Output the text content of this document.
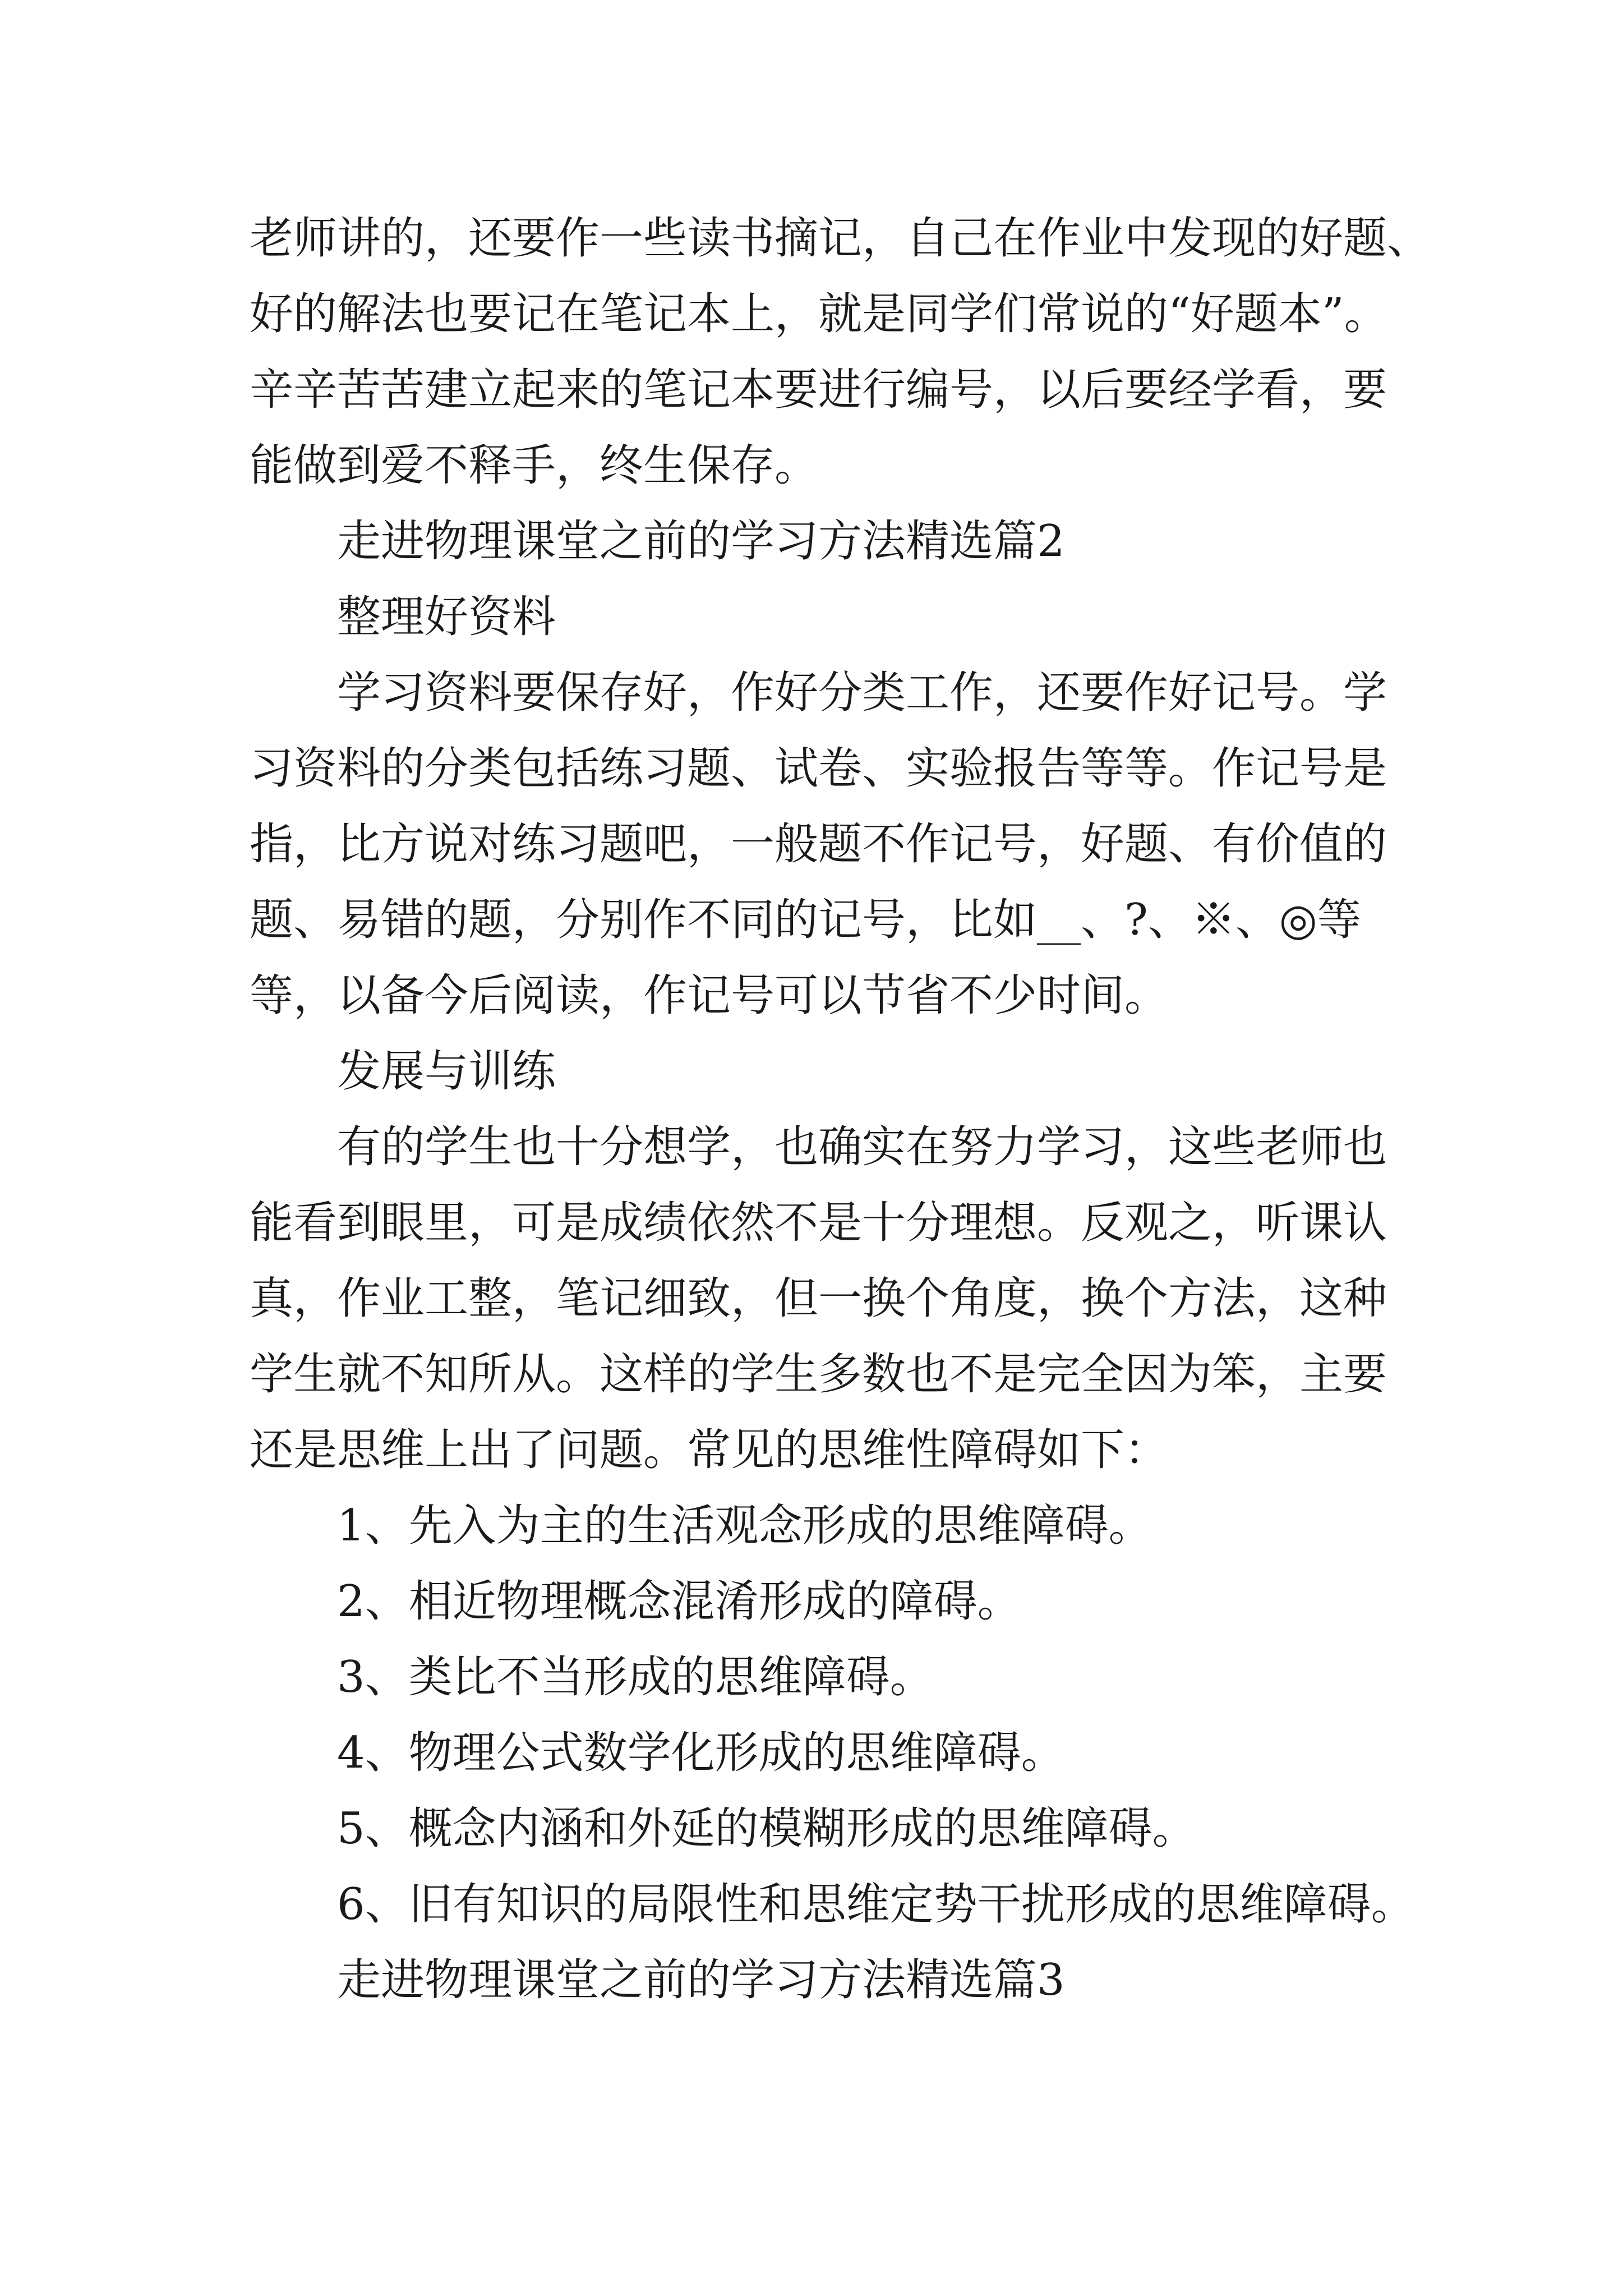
老师讲的，还要作一些读书摘记，自己在作业中发现的好题、
好的解法也要记在笔记本上，就是同学们常说的“好题本”。
辛辛苦苦建立起来的笔记本要进行编号，以后要经学看，要
能做到爱不释手，终生保存。
走进物理课堂之前的学习方法精选篇2
整理好资料
学习资料要保存好，作好分类工作，还要作好记号。学
习资料的分类包括练习题、试卷、实验报告等等。作记号是
指，比方说对练习题吧，一般题不作记号，好题、有价值的
题、易错的题，分别作不同的记号，比如__、?、※、◎等
等，以备今后阅读，作记号可以节省不少时间。
发展与训练
有的学生也十分想学，也确实在努力学习，这些老师也
能看到眼里，可是成绩依然不是十分理想。反观之，听课认
真，作业工整，笔记细致，但一换个角度，换个方法，这种
学生就不知所从。这样的学生多数也不是完全因为笨，主要
还是思维上出了问题。常见的思维性障碍如下：
1、先入为主的生活观念形成的思维障碍。
2、相近物理概念混淆形成的障碍。
3、类比不当形成的思维障碍。
4、物理公式数学化形成的思维障碍。
5、概念内涵和外延的模糊形成的思维障碍。
6、旧有知识的局限性和思维定势干扰形成的思维障碍。
走进物理课堂之前的学习方法精选篇3
